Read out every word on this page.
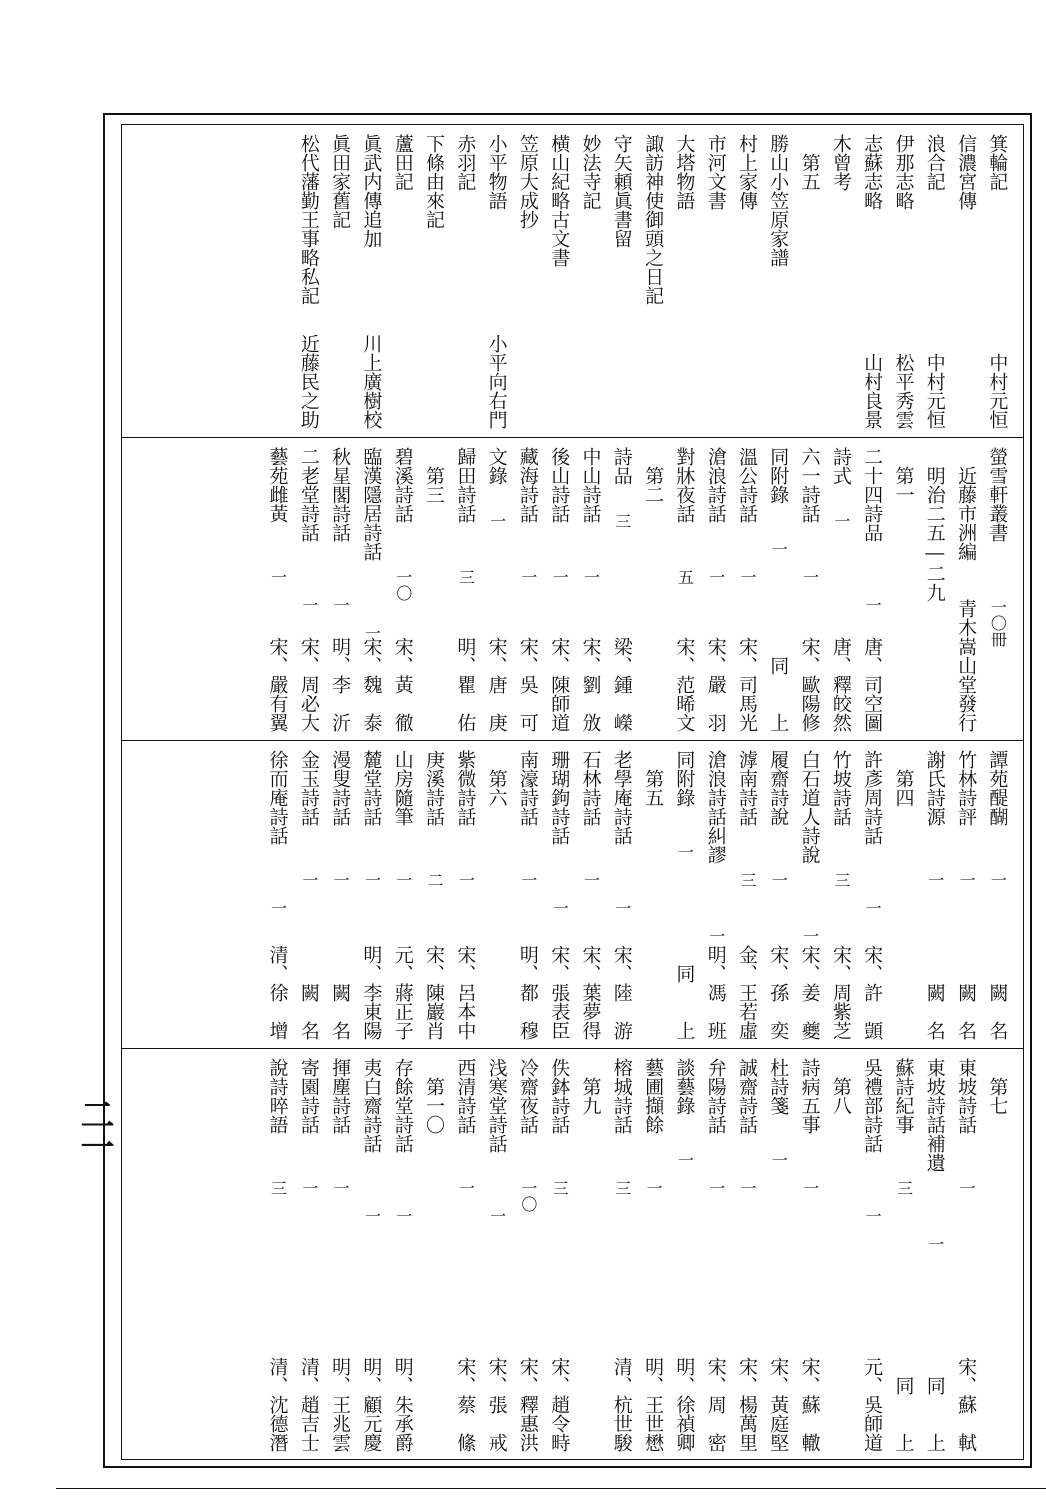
箕輪記
中村元恒
信濃宮傳
浪合記
中村元恒
伊那志略
松平秀雲
志蘇志略
山村良景
木曾考
　第五
勝山小笠原家譜
村上家傳
市河文書
大塔物語
諏訪神使御頭之日記
守矢頼眞書留
妙法寺記
横山紀略古文書
笠原大成抄
小平物語
小平向右門
赤羽記
下條由來記
蘆田記
眞武内傳追加
川上廣樹校
眞田家舊記
松代藩勤王事略私記
近藤民之助
螢雪軒叢書
一〇冊
　近藤市洲編
青木嵩山堂發行
　明治二五―二九
　第一
二十四詩品
一
唐、司空圖
詩式
一
唐、釋皎然
六一詩話
一
宋、歐陽修
同附錄
一
同　　上
溫公詩話
一
宋、司馬光
滄浪詩話
一
宋、嚴　羽
對牀夜話
五
宋、范晞文
　第二
詩品
三
梁、鍾　嶸
中山詩話
一
宋、劉　攽
後山詩話
一
宋、陳師道
藏海詩話
一
宋、吳　可
文錄
一
宋、唐　庚
歸田詩話
三
明、瞿　佑
　第三
碧溪詩話
一〇
宋、黃　徹
臨漢隱居詩話
一
宋、魏　泰
秋星閣詩話
一
明、李　沂
二老堂詩話
一
宋、周必大
藝苑雌黃
一
宋、嚴有翼
譚苑醍醐
一
闕　名
竹林詩評
一
闕　名
謝氏詩源
一
闕　名
　第四
許彥周詩話
一
宋、許　顗
竹坡詩話
三
宋、周紫芝
白石道人詩說
一
宋、姜　夔
履齋詩說
一
宋、孫　奕
滹南詩話
三
金、王若虛
滄浪詩話糾謬
一
明、馮　班
同附錄
一
同　　上
　第五
老學庵詩話
一
宋、陸　游
石林詩話
一
宋、葉夢得
珊瑚鉤詩話
一
宋、張表臣
南濠詩話
一
明、都　穆
　第六
紫微詩話
一
宋、呂本中
庚溪詩話
二
宋、陳巖肖
山房隨筆
一
元、蔣正子
麓堂詩話
一
明、李東陽
漫叟詩話
一
闕　名
金玉詩話
一
闕　名
徐而庵詩話
一
清、徐　增
　第七
東坡詩話
一
宋、蘇　軾
東坡詩話補遺
一
同　　上
蘇詩紀事
三
同　　上
吳禮部詩話
一
元、吳師道
　第八
詩病五事
一
宋、蘇　轍
杜詩箋
一
宋、黃庭堅
誠齋詩話
一
宋、楊萬里
弁陽詩話
一
宋、周　密
談藝錄
一
明、徐禎卿
藝圃擷餘
一
明、王世懋
榕城詩話
三
清、杭世駿
　第九
佚鉢詩話
三
宋、趙令畤
冷齋夜話
一〇
宋、釋惠洪
浅寒堂詩話
一
宋、張　戒
西清詩話
一
宋、蔡　絛
　第一〇
存餘堂詩話
一
明、朱承爵
夷白齋詩話
一
明、顧元慶
揮塵詩話
一
明、王兆雲
寄園詩話
一
清、趙吉士
說詩晬語
三
清、沈德潛
二一
